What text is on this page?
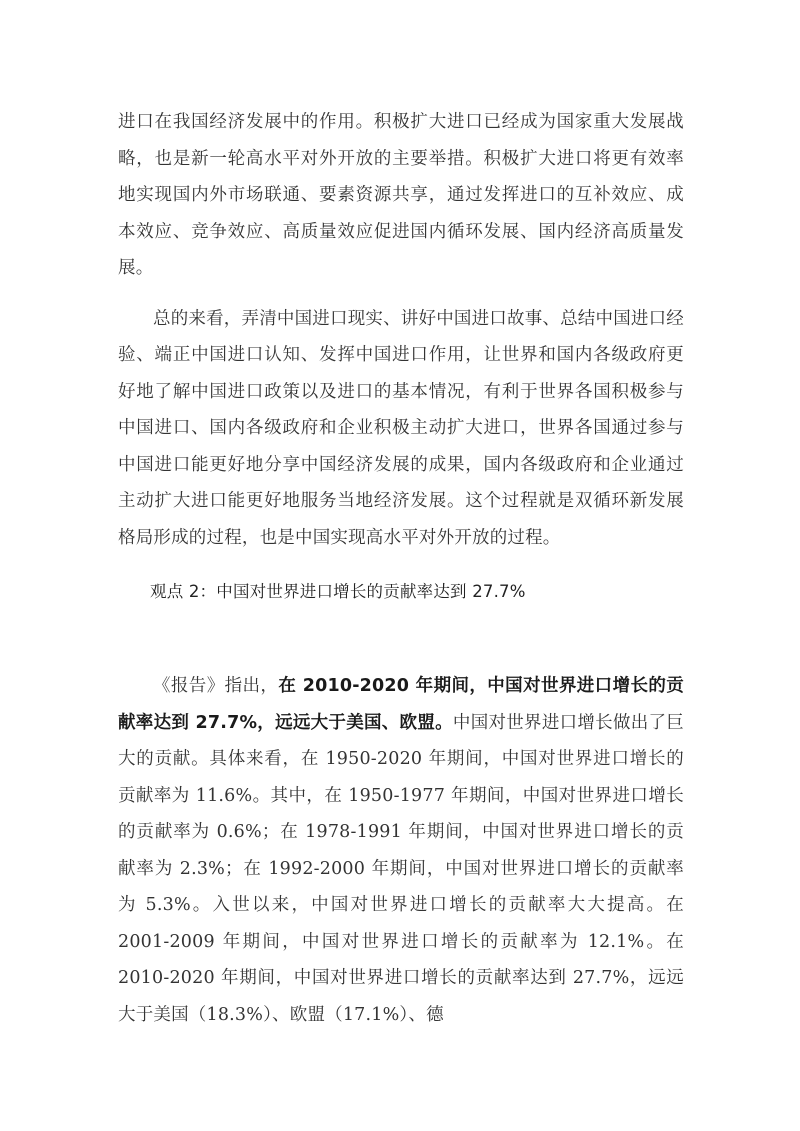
进口在我国经济发展中的作用。积极扩大进口已经成为国家重大发展战略，也是新一轮高水平对外开放的主要举措。积极扩大进口将更有效率地实现国内外市场联通、要素资源共享，通过发挥进口的互补效应、成本效应、竞争效应、高质量效应促进国内循环发展、国内经济高质量发展。

总的来看，弄清中国进口现实、讲好中国进口故事、总结中国进口经验、端正中国进口认知、发挥中国进口作用，让世界和国内各级政府更好地了解中国进口政策以及进口的基本情况，有利于世界各国积极参与中国进口、国内各级政府和企业积极主动扩大进口，世界各国通过参与中国进口能更好地分享中国经济发展的成果，国内各级政府和企业通过主动扩大进口能更好地服务当地经济发展。这个过程就是双循环新发展格局形成的过程，也是中国实现高水平对外开放的过程。

观点 2：中国对世界进口增长的贡献率达到 27.7%

《报告》指出，在 2010-2020 年期间，中国对世界进口增长的贡献率达到 27.7%，远远大于美国、欧盟。中国对世界进口增长做出了巨大的贡献。具体来看，在 1950-2020 年期间，中国对世界进口增长的贡献率为 11.6%。其中，在 1950-1977 年期间，中国对世界进口增长的贡献率为 0.6%；在 1978-1991 年期间，中国对世界进口增长的贡献率为 2.3%；在 1992-2000 年期间，中国对世界进口增长的贡献率为 5.3%。入世以来，中国对世界进口增长的贡献率大大提高。在 2001-2009 年期间，中国对世界进口增长的贡献率为 12.1%。在 2010-2020 年期间，中国对世界进口增长的贡献率达到 27.7%，远远大于美国（18.3%）、欧盟（17.1%）、德
